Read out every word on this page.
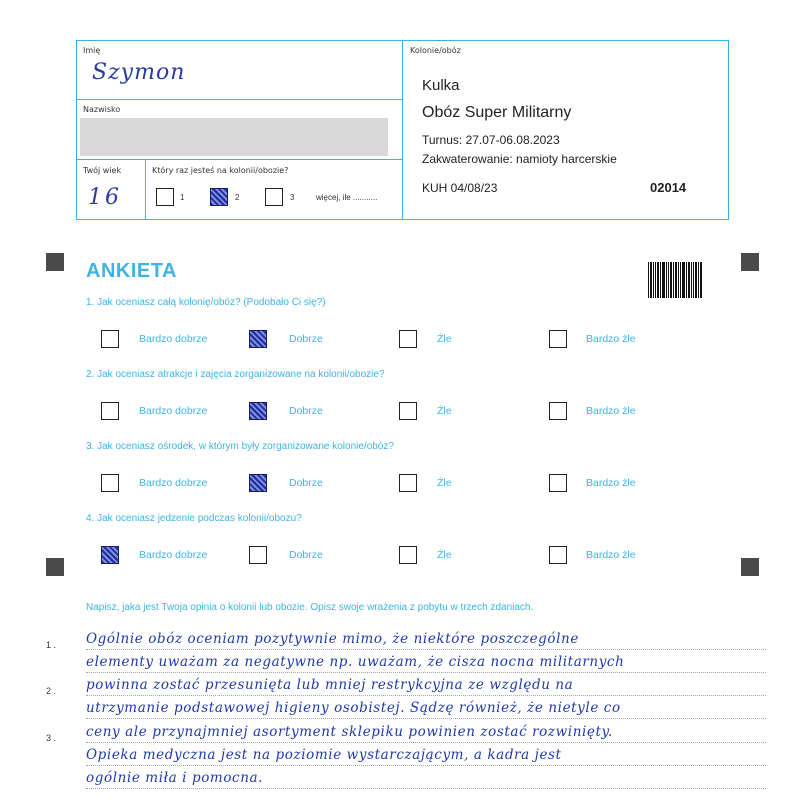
Imię
Szymon
Nazwisko
Twój wiek
16
Który raz jesteś na kolonii/obozie?
1	2	3	więcej, ile ...........
Kolonie/obóz
Kulka
Obóz Super Militarny
Turnus: 27.07-06.08.2023
Zakwaterowanie: namioty harcerskie
KUH 04/08/23	02014
ANKIETA
1. Jak oceniasz całą kolonię/obóz? (Podobało Ci się?)
Bardzo dobrze	Dobrze	Źle	Bardzo źle
2. Jak oceniasz atrakcje i zajęcia zorganizowane na kolonii/obozie?
Bardzo dobrze	Dobrze	Źle	Bardzo źle
3. Jak oceniasz ośrodek, w którym były zorganizowane kolonie/obóz?
Bardzo dobrze	Dobrze	Źle	Bardzo źle
4. Jak oceniasz jedzenie podczas kolonii/obozu?
Bardzo dobrze	Dobrze	Źle	Bardzo źle
Napisz, jaka jest Twoja opinia o kolonii lub obozie. Opisz swoje wrażenia z pobytu w trzech zdaniach.
1 .
2 .
3 .
Ogólnie obóz oceniam pozytywnie mimo, że niektóre poszczególne
elementy uważam za negatywne np. uważam, że cisza nocna militarnych
powinna zostać przesunięta lub mniej restrykcyjna ze względu na
utrzymanie podstawowej higieny osobistej. Sądzę również, że nietyle co
ceny ale przynajmniej asortyment sklepiku powinien zostać rozwinięty.
Opieka medyczna jest na poziomie wystarczającym, a kadra jest
ogólnie miła i pomocna.
